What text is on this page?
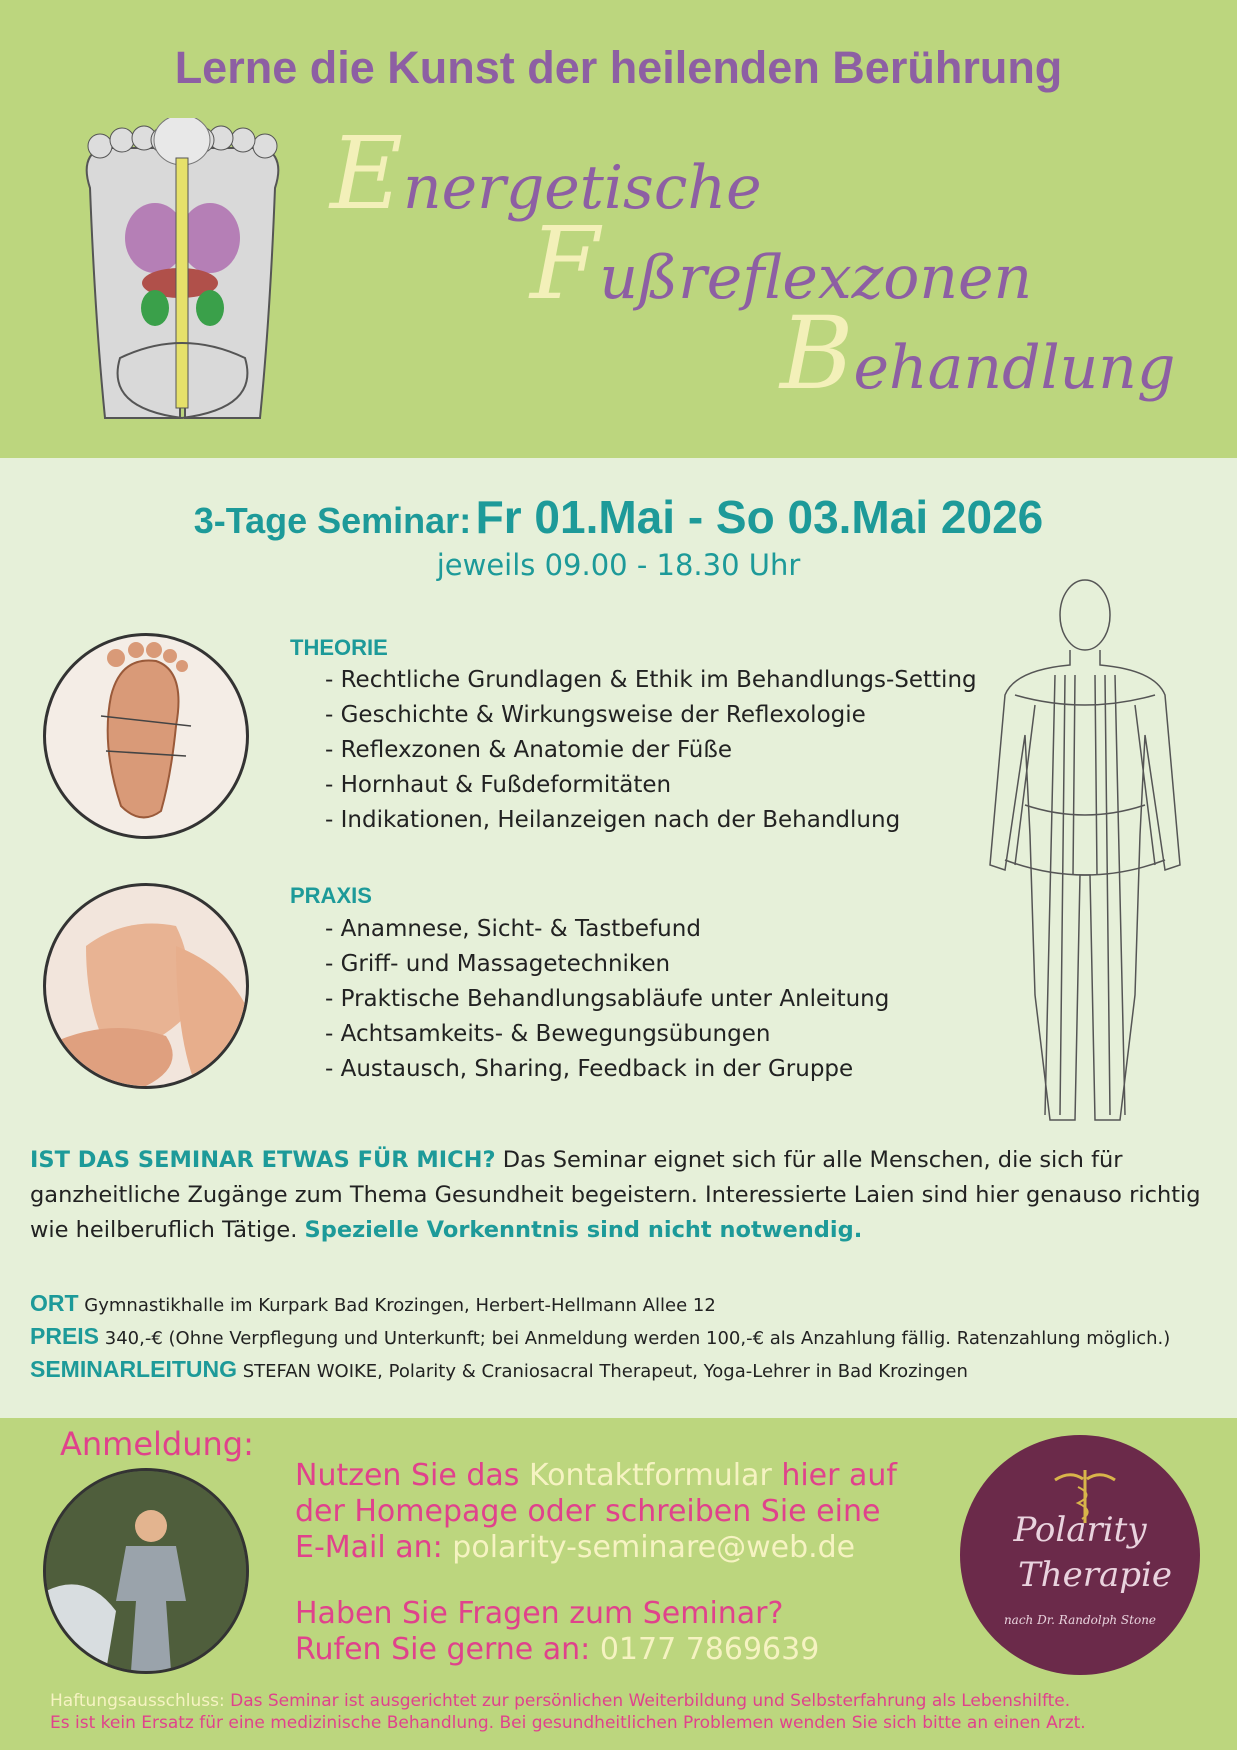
Lerne die Kunst der heilenden Berührung
Energetische
Fußreflexzonen
Behandlung
3-Tage Seminar: Fr 01.Mai - So 03.Mai 2026
jeweils 09.00 - 18.30 Uhr
THEORIE
- Rechtliche Grundlagen & Ethik im Behandlungs-Setting
- Geschichte & Wirkungsweise der Reflexologie
- Reflexzonen & Anatomie der Füße
- Hornhaut & Fußdeformitäten
- Indikationen, Heilanzeigen nach der Behandlung
PRAXIS
- Anamnese, Sicht- & Tastbefund
- Griff- und Massagetechniken
- Praktische Behandlungsabläufe unter Anleitung
- Achtsamkeits- & Bewegungsübungen
- Austausch, Sharing, Feedback in der Gruppe
IST DAS SEMINAR ETWAS FÜR MICH? Das Seminar eignet sich für alle Menschen, die sich für ganzheitliche Zugänge zum Thema Gesundheit begeistern. Interessierte Laien sind hier genauso richtig wie heilberuflich Tätige. Spezielle Vorkenntnis sind nicht notwendig.
ORT Gymnastikhalle im Kurpark Bad Krozingen, Herbert-Hellmann Allee 12
PREIS 340,-€ (Ohne Verpflegung und Unterkunft; bei Anmeldung werden 100,-€ als Anzahlung fällig. Ratenzahlung möglich.)
SEMINARLEITUNG STEFAN WOIKE, Polarity & Craniosacral Therapeut, Yoga-Lehrer in Bad Krozingen
Anmeldung:
Nutzen Sie das Kontaktformular hier auf
der Homepage oder schreiben Sie eine
E-Mail an: polarity-seminare@web.de
Haben Sie Fragen zum Seminar?
Rufen Sie gerne an: 0177 7869639
Polarity
Therapie
nach Dr. Randolph Stone
Haftungsausschluss: Das Seminar ist ausgerichtet zur persönlichen Weiterbildung und Selbsterfahrung als Lebenshilfte.
Es ist kein Ersatz für eine medizinische Behandlung. Bei gesundheitlichen Problemen wenden Sie sich bitte an einen Arzt.
